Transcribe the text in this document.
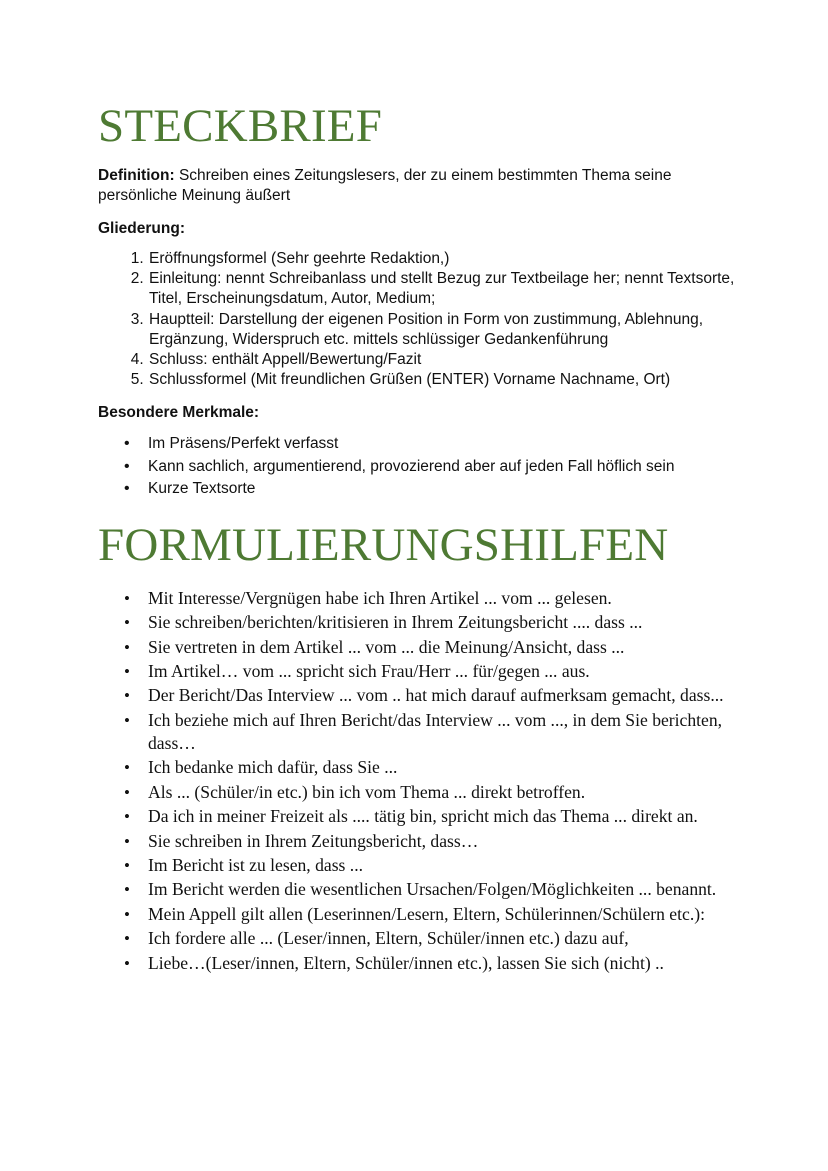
STECKBRIEF
Definition: Schreiben eines Zeitungslesers, der zu einem bestimmten Thema seine persönliche Meinung äußert
Gliederung:
1. Eröffnungsformel (Sehr geehrte Redaktion,)
2. Einleitung: nennt Schreibanlass und stellt Bezug zur Textbeilage her; nennt Textsorte, Titel, Erscheinungsdatum, Autor, Medium;
3. Hauptteil: Darstellung der eigenen Position in Form von zustimmung, Ablehnung, Ergänzung, Widerspruch etc. mittels schlüssiger Gedankenführung
4. Schluss: enthält Appell/Bewertung/Fazit
5. Schlussformel (Mit freundlichen Grüßen (ENTER) Vorname Nachname, Ort)
Besondere Merkmale:
• Im Präsens/Perfekt verfasst
• Kann sachlich, argumentierend, provozierend aber auf jeden Fall höflich sein
• Kurze Textsorte
FORMULIERUNGSHILFEN
• Mit Interesse/Vergnügen habe ich Ihren Artikel ... vom ... gelesen.
• Sie schreiben/berichten/kritisieren in Ihrem Zeitungsbericht .... dass ...
• Sie vertreten in dem Artikel ... vom ... die Meinung/Ansicht, dass ...
• Im Artikel… vom ... spricht sich Frau/Herr ... für/gegen ... aus.
• Der Bericht/Das Interview ... vom .. hat mich darauf aufmerksam gemacht, dass...
• Ich beziehe mich auf Ihren Bericht/das Interview ... vom ..., in dem Sie berichten, dass…
• Ich bedanke mich dafür, dass Sie ...
• Als ... (Schüler/in etc.) bin ich vom Thema ... direkt betroffen.
• Da ich in meiner Freizeit als .... tätig bin, spricht mich das Thema ... direkt an.
• Sie schreiben in Ihrem Zeitungsbericht, dass…
• Im Bericht ist zu lesen, dass ...
• Im Bericht werden die wesentlichen Ursachen/Folgen/Möglichkeiten ... benannt.
• Mein Appell gilt allen (Leserinnen/Lesern, Eltern, Schülerinnen/Schülern etc.):
• Ich fordere alle ... (Leser/innen, Eltern, Schüler/innen etc.) dazu auf,
• Liebe…(Leser/innen, Eltern, Schüler/innen etc.), lassen Sie sich (nicht) ..
